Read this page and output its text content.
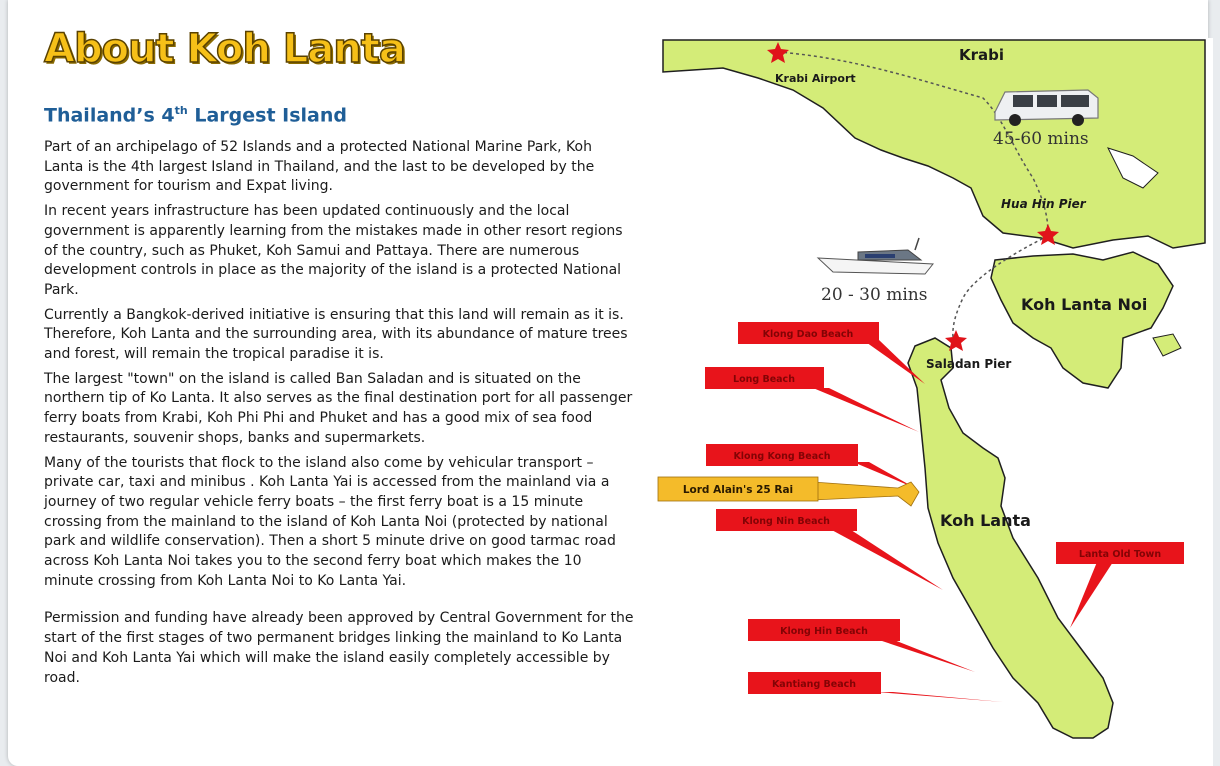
About Koh Lanta
Thailand’s 4th Largest Island

Part of an archipelago of 52 Islands and a protected National Marine Park, Koh Lanta is the 4th largest Island in Thailand, and the last to be developed by the government for tourism and Expat living.

In recent years infrastructure has been updated continuously and the local government is apparently learning from the mistakes made in other resort regions of the country, such as Phuket, Koh Samui and Pattaya. There are numerous development controls in place as the majority of the island is a protected National Park.

Currently a Bangkok-derived initiative is ensuring that this land will remain as it is. Therefore, Koh Lanta and the surrounding area, with its abundance of mature trees and forest, will remain the tropical paradise it is.

The largest "town" on the island is called Ban Saladan and is situated on the northern tip of Ko Lanta. It also serves as the final destination port for all passenger ferry boats from Krabi, Koh Phi Phi and Phuket and has a good mix of sea food restaurants, souvenir shops, banks and supermarkets.

Many of the tourists that flock to the island also come by vehicular transport – private car, taxi and minibus . Koh Lanta Yai is accessed from the mainland via a journey of two regular vehicle ferry boats – the first ferry boat is a 15 minute crossing from the mainland to the island of Koh Lanta Noi (protected by national park and wildlife conservation). Then a short 5 minute drive on good tarmac road across Koh Lanta Noi takes you to the second ferry boat which makes the 10 minute crossing from Koh Lanta Noi to Ko Lanta Yai.

Permission and funding have already been approved by Central Government for the start of the first stages of two permanent bridges linking the mainland to Ko Lanta Noi and Koh Lanta Yai which will make the island easily completely accessible by road.

Krabi
Krabi Airport
45-60 mins
Hua Hin Pier
20 - 30 mins	Koh Lanta Noi
Saladan Pier
Koh Lanta
Klong Dao Beach
Long Beach
Klong Kong Beach
Klong Nin Beach
Lanta Old Town
Klong Hin Beach
Kantiang Beach
Lord Alain's 25 Rai
